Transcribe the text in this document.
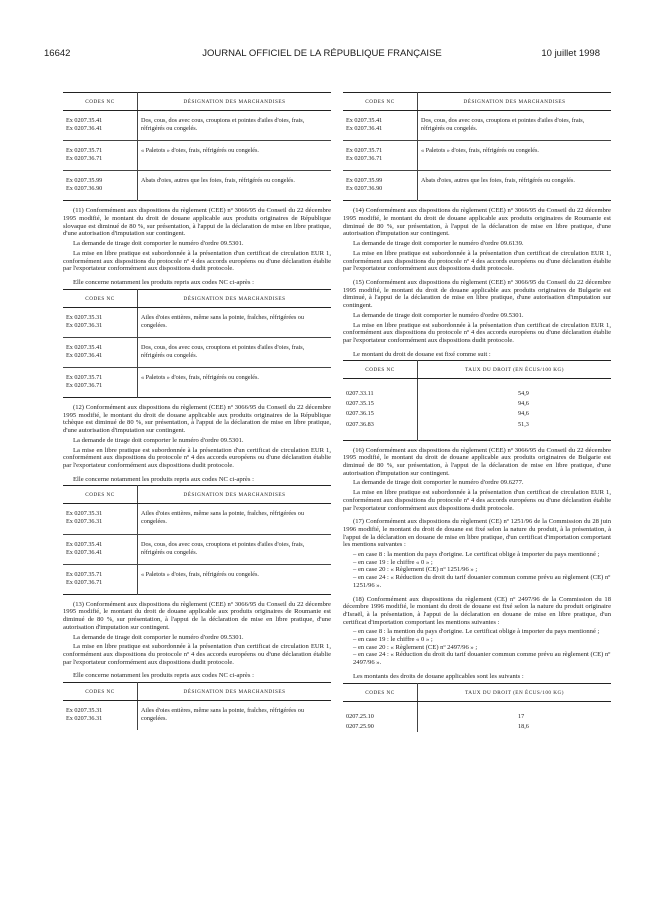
16642	JOURNAL OFFICIEL DE LA RÉPUBLIQUE FRANÇAISE	10 juillet 1998
CODES NC	DÉSIGNATION DES MARCHANDISES

Ex 0207.35.41
Ex 0207.36.41	Dos, cous, dos avec cous, croupions et pointes d'ailes d'oies, frais, réfrigérés ou congelés.

Ex 0207.35.71
Ex 0207.36.71	« Paletots » d'oies, frais, réfrigérés ou congelés.

Ex 0207.35.99
Ex 0207.36.90	Abats d'oies, autres que les foies, frais, réfrigérés ou congelés.

(11) Conformément aux dispositions du règlement (CEE) nº 3066/95 du Conseil du 22 décembre 1995 modifié, le montant du droit de douane applicable aux produits originaires de République slovaque est diminué de 80 %, sur présentation, à l'appui de la déclaration de mise en libre pratique, d'une autorisation d'imputation sur contingent.

La demande de tirage doit comporter le numéro d'ordre 09.5301.

La mise en libre pratique est subordonnée à la présentation d'un certificat de circulation EUR 1, conformément aux dispositions du protocole nº 4 des accords européens ou d'une déclaration établie par l'exportateur conformément aux dispositions dudit protocole.

Elle concerne notamment les produits repris aux codes NC ci-après :

CODES NC	DÉSIGNATION DES MARCHANDISES

Ex 0207.35.31
Ex 0207.36.31	Ailes d'oies entières, même sans la pointe, fraîches, réfrigérées ou congelées.

Ex 0207.35.41
Ex 0207.36.41	Dos, cous, dos avec cous, croupions et pointes d'ailes d'oies, frais, réfrigérés ou congelés.

Ex 0207.35.71
Ex 0207.36.71	« Paletots » d'oies, frais, réfrigérés ou congelés.

(12) Conformément aux dispositions du règlement (CEE) nº 3066/95 du Conseil du 22 décembre 1995 modifié, le montant du droit de douane applicable aux produits originaires de la République tchèque est diminué de 80 %, sur présentation, à l'appui de la déclaration de mise en libre pratique, d'une autorisation d'imputation sur contingent.

La demande de tirage doit comporter le numéro d'ordre 09.5301.

La mise en libre pratique est subordonnée à la présentation d'un certificat de circulation EUR 1, conformément aux dispositions du protocole nº 4 des accords européens ou d'une déclaration établie par l'exportateur conformément aux dispositions dudit protocole.

Elle concerne notamment les produits repris aux codes NC ci-après :

CODES NC	DÉSIGNATION DES MARCHANDISES

Ex 0207.35.31
Ex 0207.36.31	Ailes d'oies entières, même sans la pointe, fraîches, réfrigérées ou congelées.

Ex 0207.35.41
Ex 0207.36.41	Dos, cous, dos avec cous, croupions et pointes d'ailes d'oies, frais, réfrigérés ou congelés.

Ex 0207.35.71
Ex 0207.36.71	« Paletots » d'oies, frais, réfrigérés ou congelés.

(13) Conformément aux dispositions du règlement (CEE) nº 3066/95 du Conseil du 22 décembre 1995 modifié, le montant du droit de douane applicable aux produits originaires de Roumanie est diminué de 80 %, sur présentation, à l'appui de la déclaration de mise en libre pratique, d'une autorisation d'imputation sur contingent.

La demande de tirage doit comporter le numéro d'ordre 09.5301.

La mise en libre pratique est subordonnée à la présentation d'un certificat de circulation EUR 1, conformément aux dispositions du protocole nº 4 des accords européens ou d'une déclaration établie par l'exportateur conformément aux dispositions dudit protocole.

Elle concerne notamment les produits repris aux codes NC ci-après :

CODES NC	DÉSIGNATION DES MARCHANDISES

Ex 0207.35.31
Ex 0207.36.31	Ailes d'oies entières, même sans la pointe, fraîches, réfrigérées ou congelées.
CODES NC	DÉSIGNATION DES MARCHANDISES

Ex 0207.35.41
Ex 0207.36.41	Dos, cous, dos avec cous, croupions et pointes d'ailes d'oies, frais, réfrigérés ou congelés.

Ex 0207.35.71
Ex 0207.36.71	« Paletots » d'oies, frais, réfrigérés ou congelés.

Ex 0207.35.99
Ex 0207.36.90	Abats d'oies, autres que les foies, frais, réfrigérés ou congelés.

(14) Conformément aux dispositions du règlement (CEE) nº 3066/95 du Conseil du 22 décembre 1995 modifié, le montant du droit de douane applicable aux produits originaires de Roumanie est diminué de 80 %, sur présentation, à l'appui de la déclaration de mise en libre pratique, d'une autorisation d'imputation sur contingent.

La demande de tirage doit comporter le numéro d'ordre 09.6139.

La mise en libre pratique est subordonnée à la présentation d'un certificat de circulation EUR 1, conformément aux dispositions du protocole nº 4 des accords européens ou d'une déclaration établie par l'exportateur conformément aux dispositions dudit protocole.

(15) Conformément aux dispositions du règlement (CEE) nº 3066/95 du Conseil du 22 décembre 1995 modifié, le montant du droit de douane applicable aux produits originaires de Bulgarie est diminué, à l'appui de la déclaration de mise en libre pratique, d'une autorisation d'imputation sur contingent.

La demande de tirage doit comporter le numéro d'ordre 09.5301.

La mise en libre pratique est subordonnée à la présentation d'un certificat de circulation EUR 1, conformément aux dispositions du protocole nº 4 des accords européens ou d'une déclaration établie par l'exportateur conformément aux dispositions dudit protocole.

Le montant du droit de douane est fixé comme suit :

CODES NC	TAUX DU DROIT (EN ÉCUS/100 KG)

0207.33.11	54,9
0207.35.15	94,6
0207.36.15	94,6
0207.36.83	51,3

(16) Conformément aux dispositions du règlement (CEE) nº 3066/95 du Conseil du 22 décembre 1995 modifié, le montant du droit de douane applicable aux produits originaires de Bulgarie est diminué de 80 %, sur présentation, à l'appui de la déclaration de mise en libre pratique, d'une autorisation d'imputation sur contingent.

La demande de tirage doit comporter le numéro d'ordre 09.6277.

La mise en libre pratique est subordonnée à la présentation d'un certificat de circulation EUR 1, conformément aux dispositions du protocole nº 4 des accords européens ou d'une déclaration établie par l'exportateur conformément aux dispositions dudit protocole.

(17) Conformément aux dispositions du règlement (CE) nº 1251/96 de la Commission du 28 juin 1996 modifié, le montant du droit de douane est fixé selon la nature du produit, à la présentation, à l'appui de la déclaration en douane de mise en libre pratique, d'un certificat d'importation comportant les mentions suivantes :

– en case 8 : la mention du pays d'origine. Le certificat oblige à importer du pays mentionné ;
– en case 19 : le chiffre « 0 » ;
– en case 20 : « Règlement (CE) nº 1251/96 » ;
– en case 24 : « Réduction du droit du tarif douanier commun comme prévu au règlement (CE) nº 1251/96 ».

(18) Conformément aux dispositions du règlement (CE) nº 2497/96 de la Commission du 18 décembre 1996 modifié, le montant du droit de douane est fixé selon la nature du produit originaire d'Israël, à la présentation, à l'appui de la déclaration en douane de mise en libre pratique, d'un certificat d'importation comportant les mentions suivantes :

– en case 8 : la mention du pays d'origine. Le certificat oblige à importer du pays mentionné ;
– en case 19 : le chiffre « 0 » ;
– en case 20 : « Règlement (CE) nº 2497/96 » ;
– en case 24 : « Réduction du droit du tarif douanier commun comme prévu au règlement (CE) nº 2497/96 ».

Les montants des droits de douane applicables sont les suivants :

CODES NC	TAUX DU DROIT (EN ÉCUS/100 KG)

0207.25.10	17
0207.25.90	18,6
